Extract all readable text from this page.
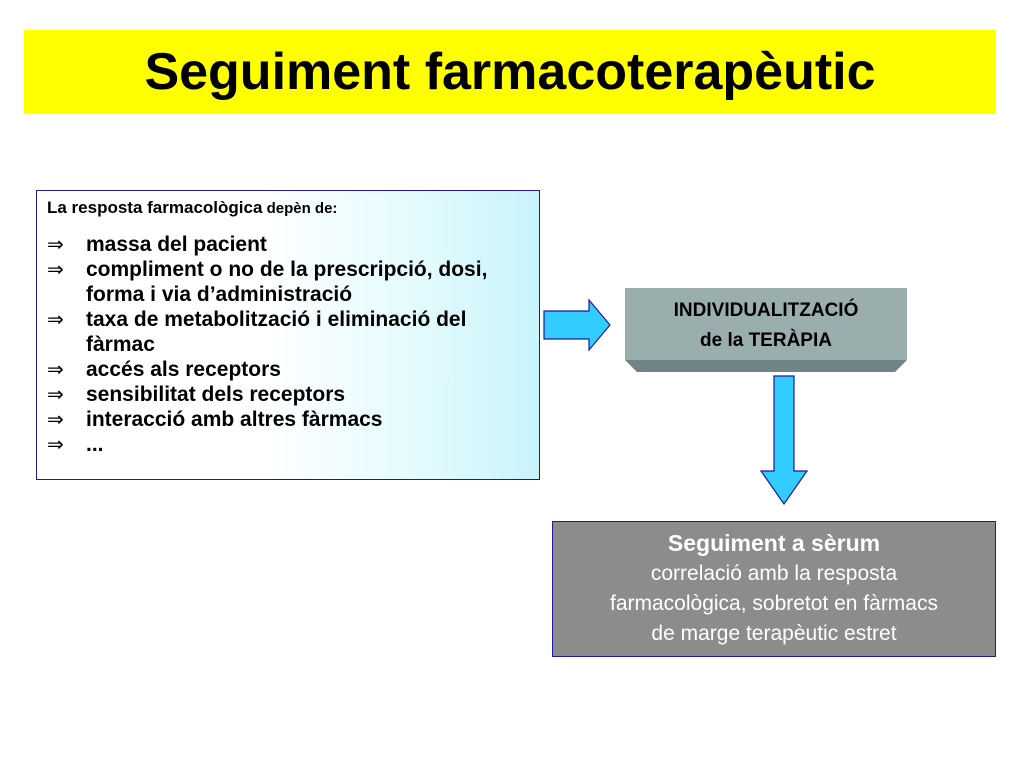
Seguiment farmacoterapèutic
La resposta farmacològica depèn de:
⇒	massa del pacient
⇒	compliment o no de la prescripció, dosi, forma i via d’administració
⇒	taxa de metabolització i eliminació del fàrmac
⇒	accés als receptors
⇒	sensibilitat dels receptors
⇒	interacció amb altres fàrmacs
⇒	...
INDIVIDUALITZACIÓ
de la TERÀPIA

Seguiment a sèrum

correlació amb la resposta

farmacològica, sobretot en fàrmacs

de marge terapèutic estret
